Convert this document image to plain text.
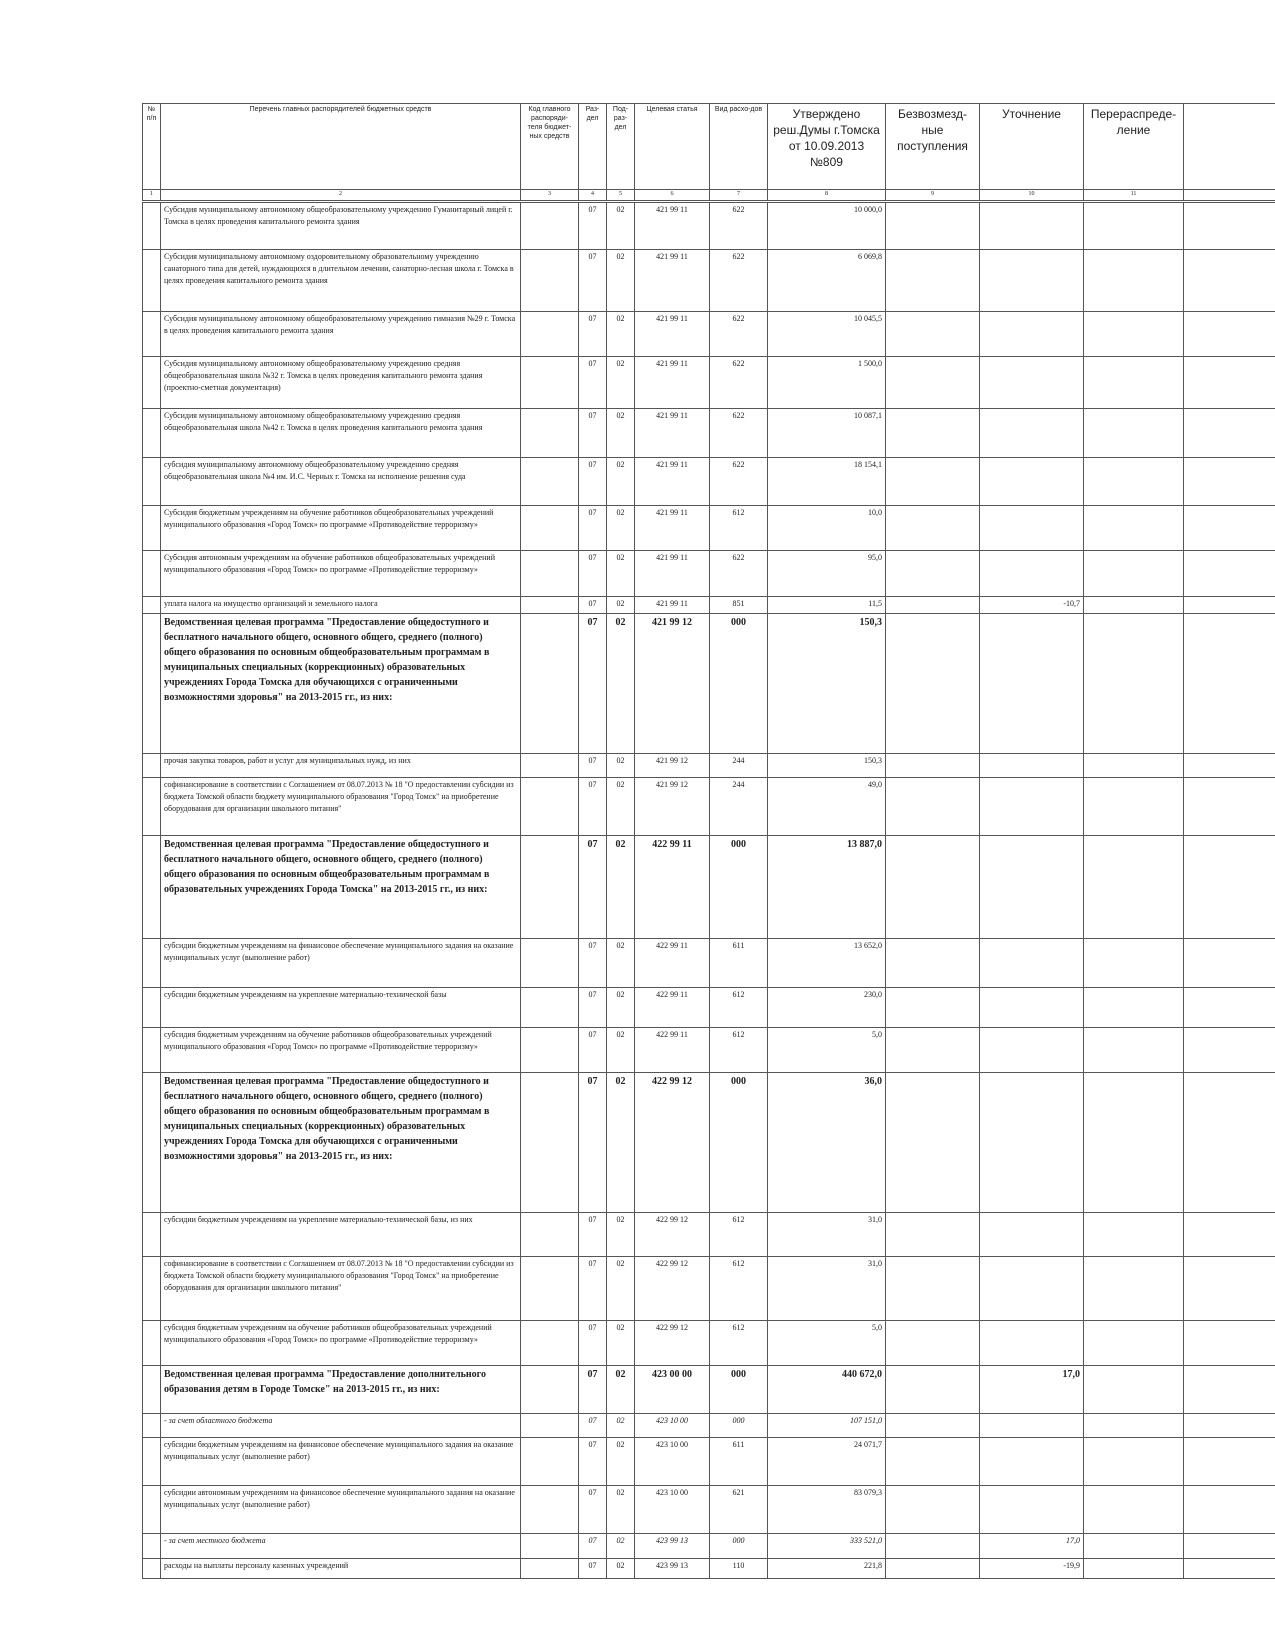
№ п/п	Перечень главных распорядителей бюджетных средств	Код главного распоряди-теля бюджет-ных средств	Раз-дел	Под-раз-дел	Целевая статья	Вид расхо-дов	Утверждено реш.Думы г.Томска от 10.09.2013 №809	Безвозмезд-ные поступления	Уточнение	Перераспреде-ление	
1	2	3	4	5	6	7	8	9	10	11	
	Субсидия муниципальному автономному общеобразовательному учреждению Гуманитарный лицей г. Томска в целях проведения капитального ремонта здания		07	02	421 99 11	622	10 000,0				
	Субсидия муниципальному автономному оздоровительному образовательному учреждению санаторного типа для детей, нуждающихся в длительном лечении, санаторно-лесная школа г. Томска в целях проведения капитального ремонта здания		07	02	421 99 11	622	6 069,8				
	Субсидия муниципальному автономному общеобразовательному учреждению гимназия №29 г. Томска в целях проведения капитального ремонта здания		07	02	421 99 11	622	10 045,5				
	Субсидия муниципальному автономному общеобразовательному учреждению средняя общеобразовательная школа №32 г. Томска в целях проведения капитального ремонта здания (проектно-сметная документация)		07	02	421 99 11	622	1 500,0				
	Субсидия муниципальному автономному общеобразовательному учреждению средняя общеобразовательная школа №42 г. Томска в целях проведения капитального ремонта здания		07	02	421 99 11	622	10 087,1				
	субсидия муниципальному автономному общеобразовательному учреждению средняя общеобразовательная школа №4 им. И.С. Черных г. Томска на исполнение решения суда		07	02	421 99 11	622	18 154,1				
	Субсидия бюджетным учреждениям на обучение работников общеобразовательных учреждений муниципального образования «Город Томск» по программе «Противодействие терроризму»		07	02	421 99 11	612	10,0				
	Субсидия автономным учреждениям на обучение работников общеобразовательных учреждений муниципального образования «Город Томск» по программе «Противодействие терроризму»		07	02	421 99 11	622	95,0				
	уплата налога на имущество организаций и земельного налога		07	02	421 99 11	851	11,5		-10,7		
	Ведомственная целевая программа "Предоставление общедоступного и бесплатного начального общего, основного общего, среднего (полного) общего образования по основным общеобразовательным программам в муниципальных специальных (коррекционных) образовательных учреждениях Города Томска для обучающихся с ограниченными возможностями здоровья" на 2013-2015 гг., из них:		07	02	421 99 12	000	150,3				
	прочая закупка товаров, работ и услуг для муниципальных нужд, из них		07	02	421 99 12	244	150,3				
	софинансирование в соответствии с Соглашением от 08.07.2013 № 18 "О предоставлении субсидии из бюджета Томской области бюджету муниципального образования "Город Томск" на приобретение оборудования для организации школьного питания"		07	02	421 99 12	244	49,0				
	Ведомственная целевая программа "Предоставление общедоступного и бесплатного начального общего, основного общего, среднего (полного) общего образования по основным общеобразовательным программам в образовательных учреждениях Города Томска" на 2013-2015 гг., из них:		07	02	422 99 11	000	13 887,0				
	субсидии бюджетным учреждениям на финансовое обеспечение муниципального задания на оказание муниципальных услуг (выполнение работ)		07	02	422 99 11	611	13 652,0				
	субсидии бюджетным учреждениям на укрепление материально-технической базы		07	02	422 99 11	612	230,0				
	субсидия бюджетным учреждениям на обучение работников общеобразовательных учреждений муниципального образования «Город Томск» по программе «Противодействие терроризму»		07	02	422 99 11	612	5,0				
	Ведомственная целевая программа "Предоставление общедоступного и бесплатного начального общего, основного общего, среднего (полного) общего образования по основным общеобразовательным программам в муниципальных специальных (коррекционных) образовательных учреждениях Города Томска для обучающихся с ограниченными возможностями здоровья" на 2013-2015 гг., из них:		07	02	422 99 12	000	36,0				
	субсидии бюджетным учреждениям на укрепление материально-технической базы, из них		07	02	422 99 12	612	31,0				
	софинансирование в соответствии с Соглашением от 08.07.2013 № 18 "О предоставлении субсидии из бюджета Томской области бюджету муниципального образования "Город Томск" на приобретение оборудования для организации школьного питания"		07	02	422 99 12	612	31,0				
	субсидия бюджетным учреждениям на обучение работников общеобразовательных учреждений муниципального образования «Город Томск» по программе «Противодействие терроризму»		07	02	422 99 12	612	5,0				
	Ведомственная целевая программа "Предоставление дополнительного образования детям в Городе Томске" на 2013-2015 гг., из них:		07	02	423 00 00	000	440 672,0		17,0		
	- за счет областного бюджета		07	02	423 10 00	000	107 151,0				
	субсидии бюджетным учреждениям на финансовое обеспечение муниципального задания на оказание муниципальных услуг (выполнение работ)		07	02	423 10 00	611	24 071,7				
	субсидии автономным учреждениям на финансовое обеспечение муниципального задания на оказание муниципальных услуг (выполнение работ)		07	02	423 10 00	621	83 079,3				
	- за счет местного бюджета		07	02	423 99 13	000	333 521,0		17,0		
	расходы на выплаты персоналу казенных учреждений		07	02	423 99 13	110	221,8		-19,9		
